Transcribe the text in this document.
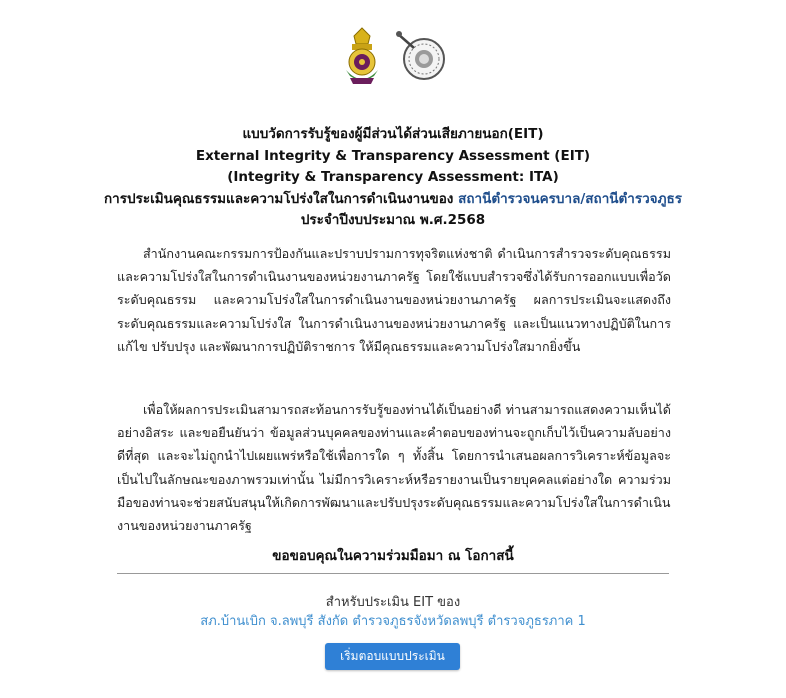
แบบวัดการรับรู้ของผู้มีส่วนได้ส่วนเสียภายนอก(EIT)
External Integrity & Transparency Assessment (EIT)
(Integrity & Transparency Assessment: ITA)
การประเมินคุณธรรมและความโปร่งใสในการดำเนินงานของ สถานีตำรวจนครบาล/สถานีตำรวจภูธรประจำปีงบประมาณ พ.ศ.2568

สำนักงานคณะกรรมการป้องกันและปราบปรามการทุจริตแห่งชาติ ดำเนินการสำรวจระดับคุณธรรม และความโปร่งใสในการดำเนินงานของหน่วยงานภาครัฐ โดยใช้แบบสำรวจซึ่งได้รับการออกแบบเพื่อวัดระดับคุณธรรม และความโปร่งใสในการดำเนินงานของหน่วยงานภาครัฐ ผลการประเมินจะแสดงถึงระดับคุณธรรมและความโปร่งใส ในการดำเนินงานของหน่วยงานภาครัฐ และเป็นแนวทางปฏิบัติในการแก้ไข ปรับปรุง และพัฒนาการปฏิบัติราชการ ให้มีคุณธรรมและความโปร่งใสมากยิ่งขึ้น

เพื่อให้ผลการประเมินสามารถสะท้อนการรับรู้ของท่านได้เป็นอย่างดี ท่านสามารถแสดงความเห็นได้อย่างอิสระ และขอยืนยันว่า ข้อมูลส่วนบุคคลของท่านและคำตอบของท่านจะถูกเก็บไว้เป็นความลับอย่างดีที่สุด และจะไม่ถูกนำไปเผยแพร่หรือใช้เพื่อการใด ๆ ทั้งสิ้น โดยการนำเสนอผลการวิเคราะห์ข้อมูลจะเป็นไปในลักษณะของภาพรวมเท่านั้น ไม่มีการวิเคราะห์หรือรายงานเป็นรายบุคคลแต่อย่างใด ความร่วมมือของท่านจะช่วยสนับสนุนให้เกิดการพัฒนาและปรับปรุงระดับคุณธรรมและความโปร่งใสในการดำเนินงานของหน่วยงานภาครัฐ

ขอขอบคุณในความร่วมมือมา ณ โอกาสนี้
สำหรับประเมิน EIT ของ
สภ.บ้านเบิก จ.ลพบุรี สังกัด ตำรวจภูธรจังหวัดลพบุรี ตำรวจภูธรภาค 1
เริ่มตอบแบบประเมิน
